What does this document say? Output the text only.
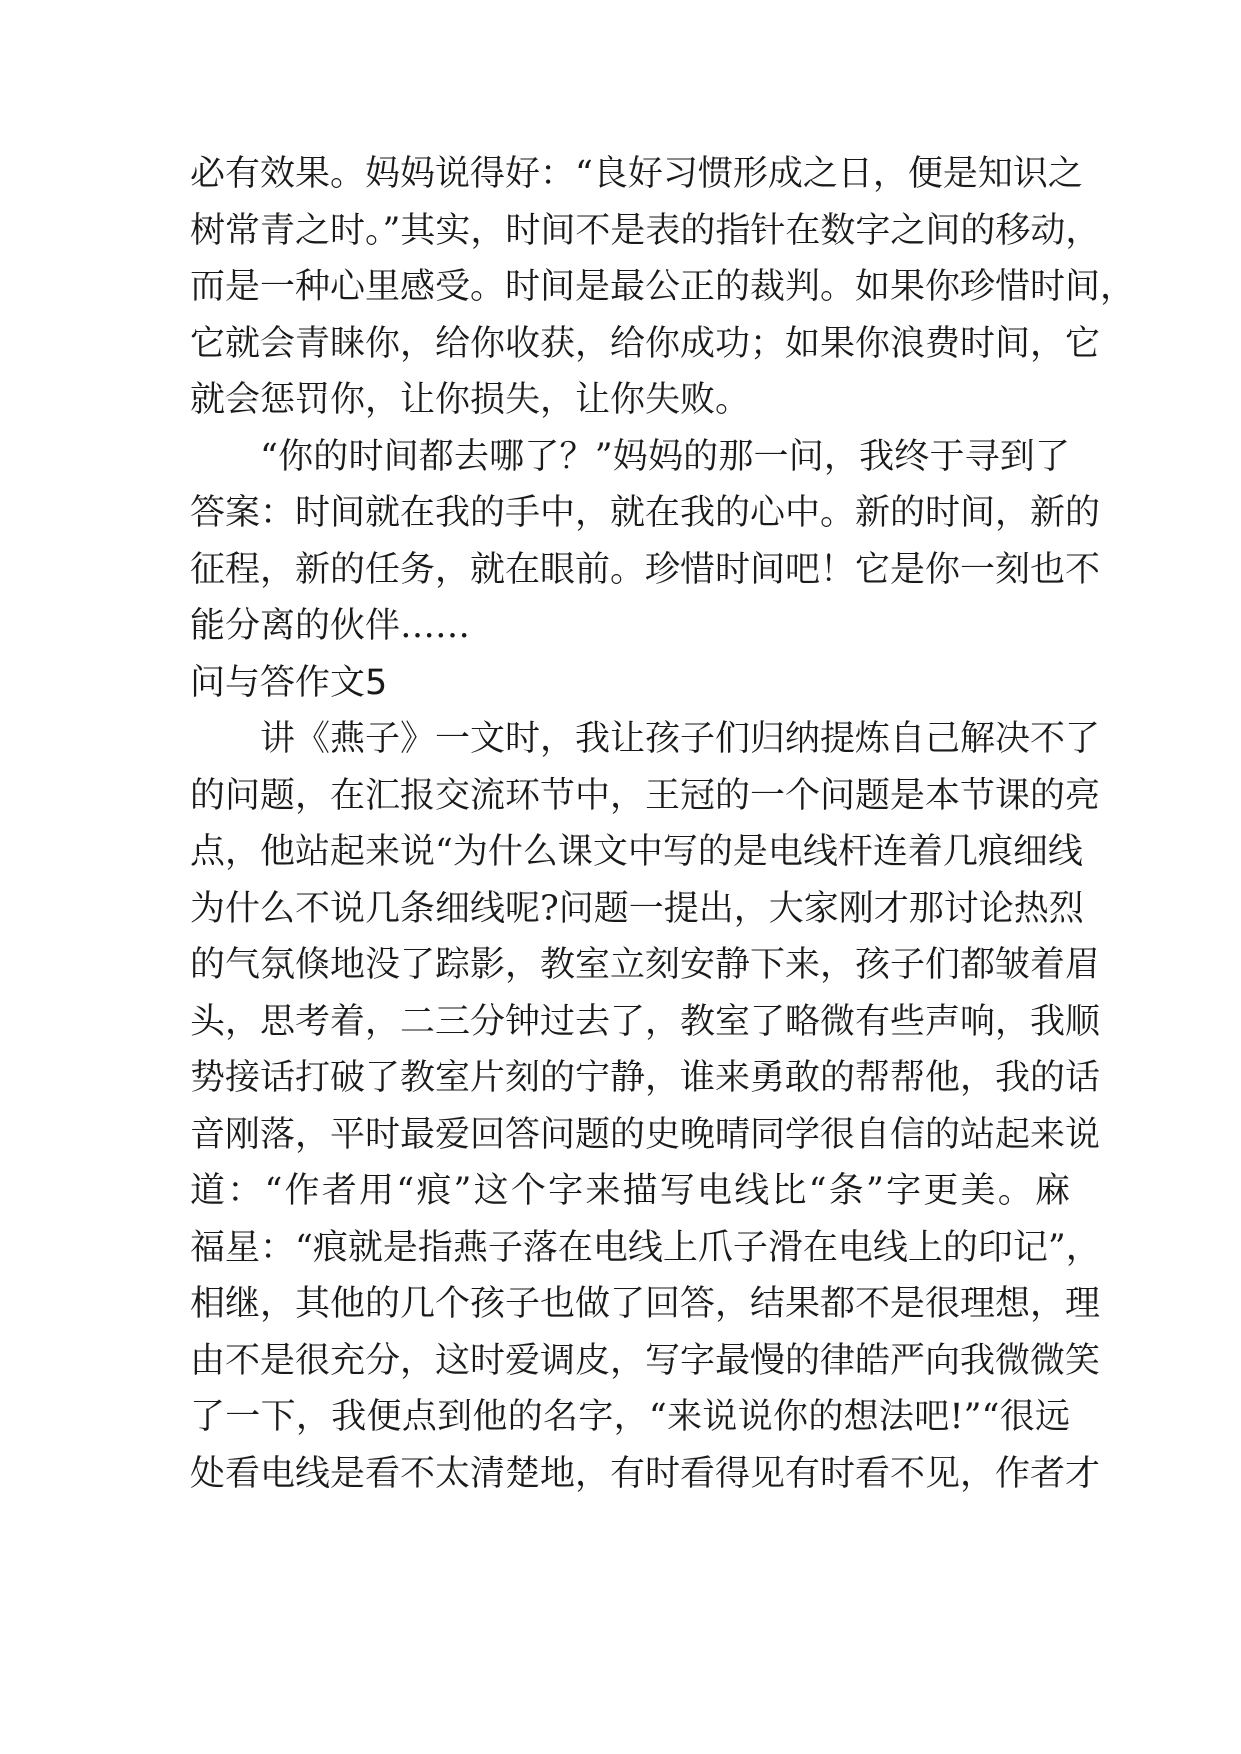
必有效果。妈妈说得好：“良好习惯形成之日，便是知识之
树常青之时。”其实，时间不是表的指针在数字之间的移动，
而是一种心里感受。时间是最公正的裁判。如果你珍惜时间，
它就会青睐你，给你收获，给你成功；如果你浪费时间，它
就会惩罚你，让你损失，让你失败。
“你的时间都去哪了？”妈妈的那一问，我终于寻到了
答案：时间就在我的手中，就在我的心中。新的时间，新的
征程，新的任务，就在眼前。珍惜时间吧！它是你一刻也不
能分离的伙伴……
问与答作文5
讲《燕子》一文时，我让孩子们归纳提炼自己解决不了
的问题，在汇报交流环节中，王冠的一个问题是本节课的亮
点，他站起来说“为什么课文中写的是电线杆连着几痕细线
为什么不说几条细线呢?问题一提出，大家刚才那讨论热烈
的气氛倏地没了踪影，教室立刻安静下来，孩子们都皱着眉
头，思考着，二三分钟过去了，教室了略微有些声响，我顺
势接话打破了教室片刻的宁静，谁来勇敢的帮帮他，我的话
音刚落，平时最爱回答问题的史晚晴同学很自信的站起来说
道：“作者用“痕”这个字来描写电线比“条”字更美。麻
福星：“痕就是指燕子落在电线上爪子滑在电线上的印记”，
相继，其他的几个孩子也做了回答，结果都不是很理想，理
由不是很充分，这时爱调皮，写字最慢的律皓严向我微微笑
了一下，我便点到他的名字，“来说说你的想法吧!”“很远
处看电线是看不太清楚地，有时看得见有时看不见，作者才
